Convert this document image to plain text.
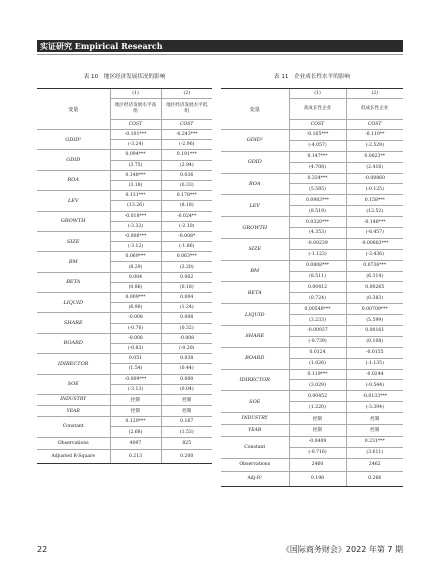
实证研究 Empirical Research
表 10　地区经济发展状况的影响	表 11　企业成长性水平的影响
变量	(1)	(2)
	地区经济发展水平高组	地区经济发展水平低组
	COST	COST
GDID²	-0.101***	-0.243***
	(-3.24)	(-2.96)
GDID	0.094***	0.191***
	(3.75)	(2.94)
ROA	0.148***	0.036
	(3.18)	(0.33)
LEV	0.131***	0.178***
	(13.26)	(8.18)
GROWTH	-0.018***	-0.024**
	(-3.32)	(-2.10)
SIZE	-0.006***	-0.008*
	(-3.12)	(-1.86)
BM	0.069***	0.063***
	(8.29)	(3.20)
BETA	0.004	0.002
	(0.86)	(0.18)
LIQUID	0.009***	0.004
	(6.90)	(1.24)
SHARE	-0.008	0.008
	(-0.76)	(0.32)
BOARD	-0.008	-0.008
	(-0.83)	(-0.20)
IDIRECTOR	0.051	0.038
	(1.54)	(0.44)
SOE	-0.009***	0.000
	(-3.13)	(0.04)
INDUSTRY	控制	控制
YEAR	控制	控制
Constant	0.129***	0.167
	(2.68)	(1.53)
Observations	4097	825
Adjusted R-Square	0.213	0.200
变量	(1)	(2)
	高成长性企业	低成长性企业
	COST	COST
GDID²	-0.165***	-0.110**
	(-4.057)	(-2.529)
GDID	0.147***	0.0823**
	(4.708)	(2.416)
ROA	0.334***	-0.00860
	(5.585)	(-0.125)
LEV	0.0983***	0.158***
	(8.519)	(12.52)
GROWTH	0.0320***	-0.146***
	(4.353)	(-8.457)
SIZE	-0.00239	-0.00883***
	(-1.123)	(-3.436)
BM	0.0808***	0.0736***
	(8.511)	(6.314)
BETA	0.00412	0.00265
	(0.724)	(0.383)
LIQUID	0.00540***	0.00709***
	(3.233)	(5.599)
SHARE	-0.00937	0.00161
	(-0.739)	(0.108)
BOARD	0.0124	-0.0155
	(1.026)	(-1.135)
IDIRECTOR	0.119***	-0.0244
	(3.029)	(-0.544)
SOE	0.00452	-0.0133***
	(1.220)	(-3.394)
INDUSTRY	控制	控制
YEAR	控制	控制
Constant	-0.0409	0.231***
	(-0.716)	(3.611)
Observations	2460	2462
Adj-R²	0.198	0.266
22	《国际商务财会》2022 年第 7 期
